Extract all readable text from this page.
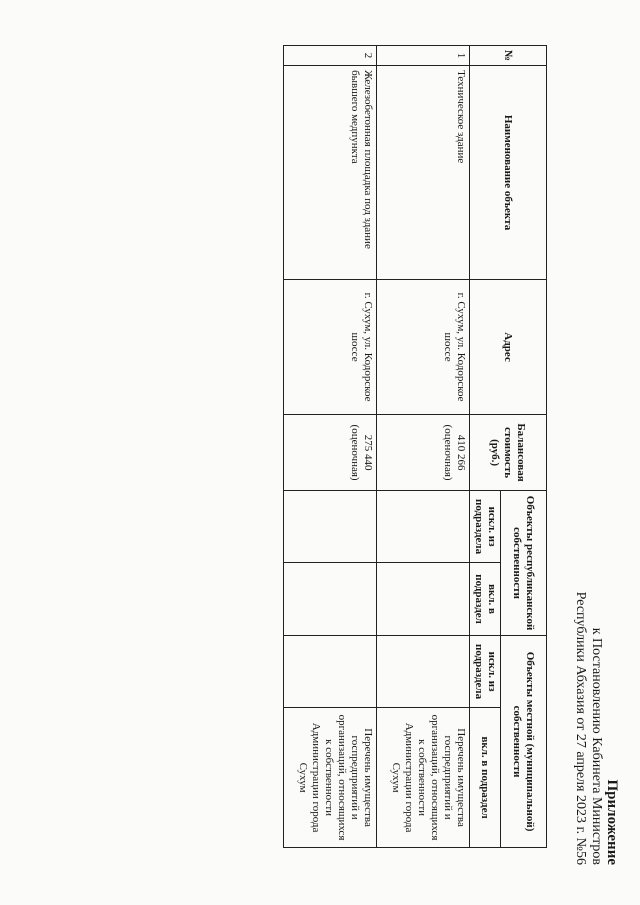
Приложение
к Постановлению Кабинета Министров
Республики Абхазия от 27 апреля 2023 г. №56
№	Наименование объекта	Адрес	Балансовая стоимость (руб.)	Объекты республиканской собственности		Объекты местной (муниципальной) собственности	
				искл. из подраздела	вкл. в подраздел	искл. из подраздела	вкл. в подраздел
1	Техническое здание	г. Сухум, ул. Кодорское шоссе	410 266 (оценочная)				Перечень имущества госпредприятий и организаций, относящихся к собственности Администрации города Сухум
2	Железобетонная площадка под здание бывшего медпункта	г. Сухум, ул. Кодорское шоссе	275 440 (оценочная)				Перечень имущества госпредприятий и организаций, относящихся к собственности Администрации города Сухум
